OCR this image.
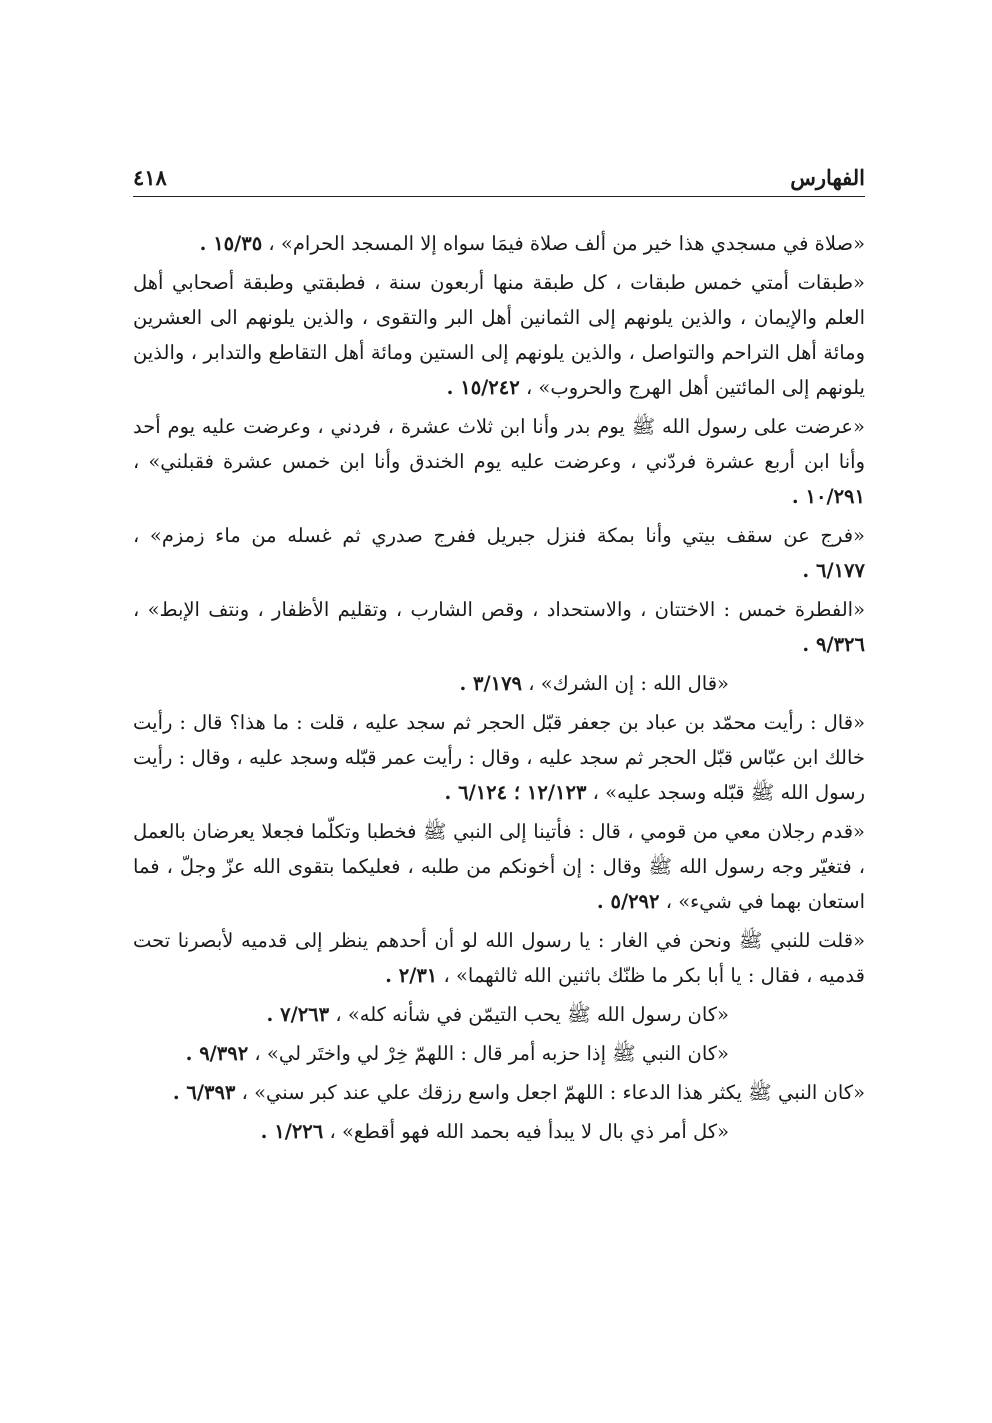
الفهارس
٤١٨

«صلاة في مسجدي هذا خير من ألف صلاة فيمَا سواه إلا المسجد الحرام» ، ١٥/٣٥ .

«طبقات أمتي خمس طبقات ، كل طبقة منها أربعون سنة ، فطبقتي وطبقة أصحابي أهل العلم والإيمان ، والذين يلونهم إلى الثمانين أهل البر والتقوى ، والذين يلونهم الى العشرين ومائة أهل التراحم والتواصل ، والذين يلونهم إلى الستين ومائة أهل التقاطع والتدابر ، والذين يلونهم إلى المائتين أهل الهرج والحروب» ، ١٥/٢٤٢ .

«عرضت على رسول الله ﷺ يوم بدر وأنا ابن ثلاث عشرة ، فردني ، وعرضت عليه يوم أحد وأنا ابن أربع عشرة فردّني ، وعرضت عليه يوم الخندق وأنا ابن خمس عشرة فقبلني» ، ١٠/٢٩١ .

«فرج عن سقف بيتي وأنا بمكة فنزل جبريل ففرج صدري ثم غسله من ماء زمزم» ، ٦/١٧٧ .

«الفطرة خمس : الاختتان ، والاستحداد ، وقص الشارب ، وتقليم الأظفار ، ونتف الإبط» ، ٩/٣٢٦ .

«قال الله : إن الشرك» ، ٣/١٧٩ .

«قال : رأيت محمّد بن عباد بن جعفر قبّل الحجر ثم سجد عليه ، قلت : ما هذا؟ قال : رأيت خالك ابن عبّاس قبّل الحجر ثم سجد عليه ، وقال : رأيت عمر قبّله وسجد عليه ، وقال : رأيت رسول الله ﷺ قبّله وسجد عليه» ، ١٢/١٢٣ ؛ ٦/١٢٤ .

«قدم رجلان معي من قومي ، قال : فأتينا إلى النبي ﷺ فخطبا وتكلّما فجعلا يعرضان بالعمل ، فتغيّر وجه رسول الله ﷺ وقال : إن أخونكم من طلبه ، فعليكما بتقوى الله عزّ وجلّ ، فما استعان بهما في شيء» ، ٥/٢٩٢ .

«قلت للنبي ﷺ ونحن في الغار : يا رسول الله لو أن أحدهم ينظر إلى قدميه لأبصرنا تحت قدميه ، فقال : يا أبا بكر ما ظنّك باثنين الله ثالثهما» ، ٢/٣١ .

«كان رسول الله ﷺ يحب التيمّن في شأنه كله» ، ٧/٢٦٣ .

«كان النبي ﷺ إذا حزبه أمر قال : اللهمّ خِرْ لي واختَر لي» ، ٩/٣٩٢ .

«كان النبي ﷺ يكثر هذا الدعاء : اللهمّ اجعل واسع رزقك علي عند كبر سني» ، ٦/٣٩٣ .

«كل أمر ذي بال لا يبدأ فيه بحمد الله فهو أقطع» ، ١/٢٢٦ .
